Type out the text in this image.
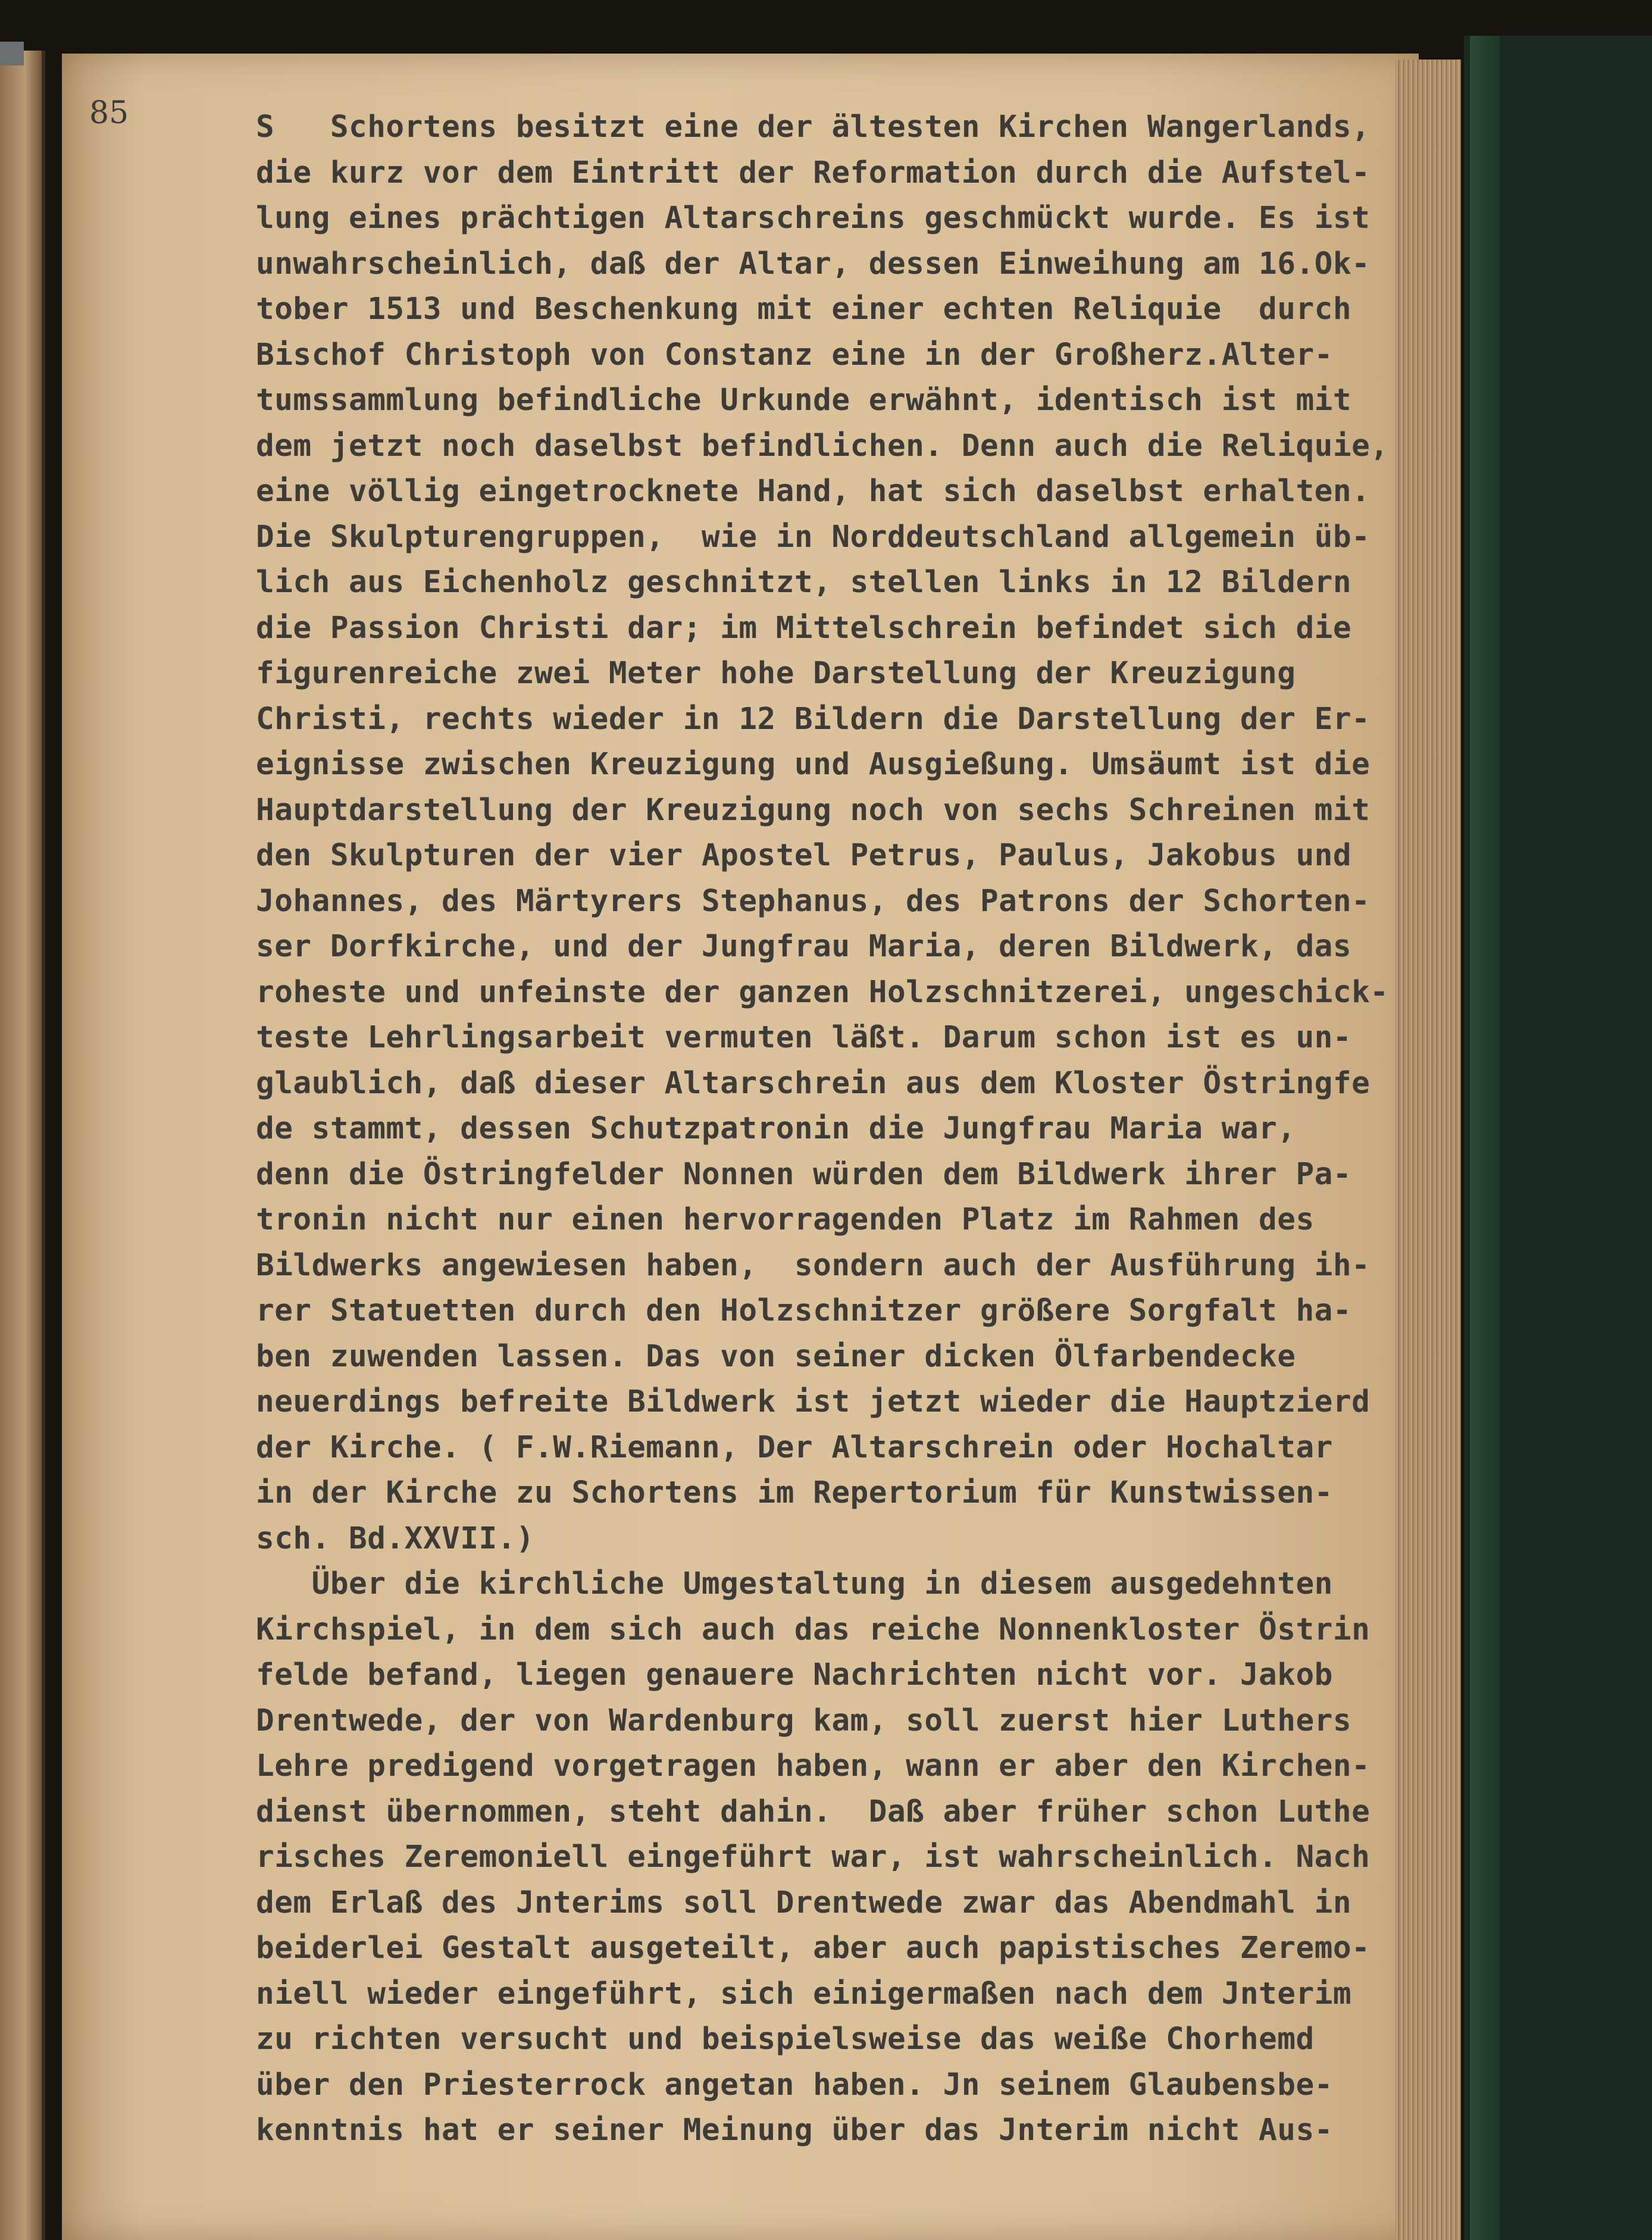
85	S   Schortens besitzt eine der ältesten Kirchen Wangerlands,
die kurz vor dem Eintritt der Reformation durch die Aufstel-
lung eines prächtigen Altarschreins geschmückt wurde. Es ist
unwahrscheinlich, daß der Altar, dessen Einweihung am 16.Ok-
tober 1513 und Beschenkung mit einer echten Reliquie  durch
Bischof Christoph von Constanz eine in der Großherz.Alter-
tumssammlung befindliche Urkunde erwähnt, identisch ist mit
dem jetzt noch daselbst befindlichen. Denn auch die Reliquie,
eine völlig eingetrocknete Hand, hat sich daselbst erhalten.
Die Skulpturengruppen,  wie in Norddeutschland allgemein üb-
lich aus Eichenholz geschnitzt, stellen links in 12 Bildern
die Passion Christi dar; im Mittelschrein befindet sich die
figurenreiche zwei Meter hohe Darstellung der Kreuzigung
Christi, rechts wieder in 12 Bildern die Darstellung der Er-
eignisse zwischen Kreuzigung und Ausgießung. Umsäumt ist die
Hauptdarstellung der Kreuzigung noch von sechs Schreinen mit
den Skulpturen der vier Apostel Petrus, Paulus, Jakobus und
Johannes, des Märtyrers Stephanus, des Patrons der Schorten-
ser Dorfkirche, und der Jungfrau Maria, deren Bildwerk, das
roheste und unfeinste der ganzen Holzschnitzerei, ungeschick-
teste Lehrlingsarbeit vermuten läßt. Darum schon ist es un-
glaublich, daß dieser Altarschrein aus dem Kloster Östringfe
de stammt, dessen Schutzpatronin die Jungfrau Maria war,
denn die Östringfelder Nonnen würden dem Bildwerk ihrer Pa-
tronin nicht nur einen hervorragenden Platz im Rahmen des
Bildwerks angewiesen haben,  sondern auch der Ausführung ih-
rer Statuetten durch den Holzschnitzer größere Sorgfalt ha-
ben zuwenden lassen. Das von seiner dicken Ölfarbendecke
neuerdings befreite Bildwerk ist jetzt wieder die Hauptzierd
der Kirche. ( F.W.Riemann, Der Altarschrein oder Hochaltar
in der Kirche zu Schortens im Repertorium für Kunstwissen-
sch. Bd.XXVII.)
Über die kirchliche Umgestaltung in diesem ausgedehnten
Kirchspiel, in dem sich auch das reiche Nonnenkloster Östrin
felde befand, liegen genauere Nachrichten nicht vor. Jakob
Drentwede, der von Wardenburg kam, soll zuerst hier Luthers
Lehre predigend vorgetragen haben, wann er aber den Kirchen-
dienst übernommen, steht dahin.  Daß aber früher schon Luthe
risches Zeremoniell eingeführt war, ist wahrscheinlich. Nach
dem Erlaß des Jnterims soll Drentwede zwar das Abendmahl in
beiderlei Gestalt ausgeteilt, aber auch papistisches Zeremo-
niell wieder eingeführt, sich einigermaßen nach dem Jnterim
zu richten versucht und beispielsweise das weiße Chorhemd
über den Priesterrock angetan haben. Jn seinem Glaubensbe-
kenntnis hat er seiner Meinung über das Jnterim nicht Aus-
